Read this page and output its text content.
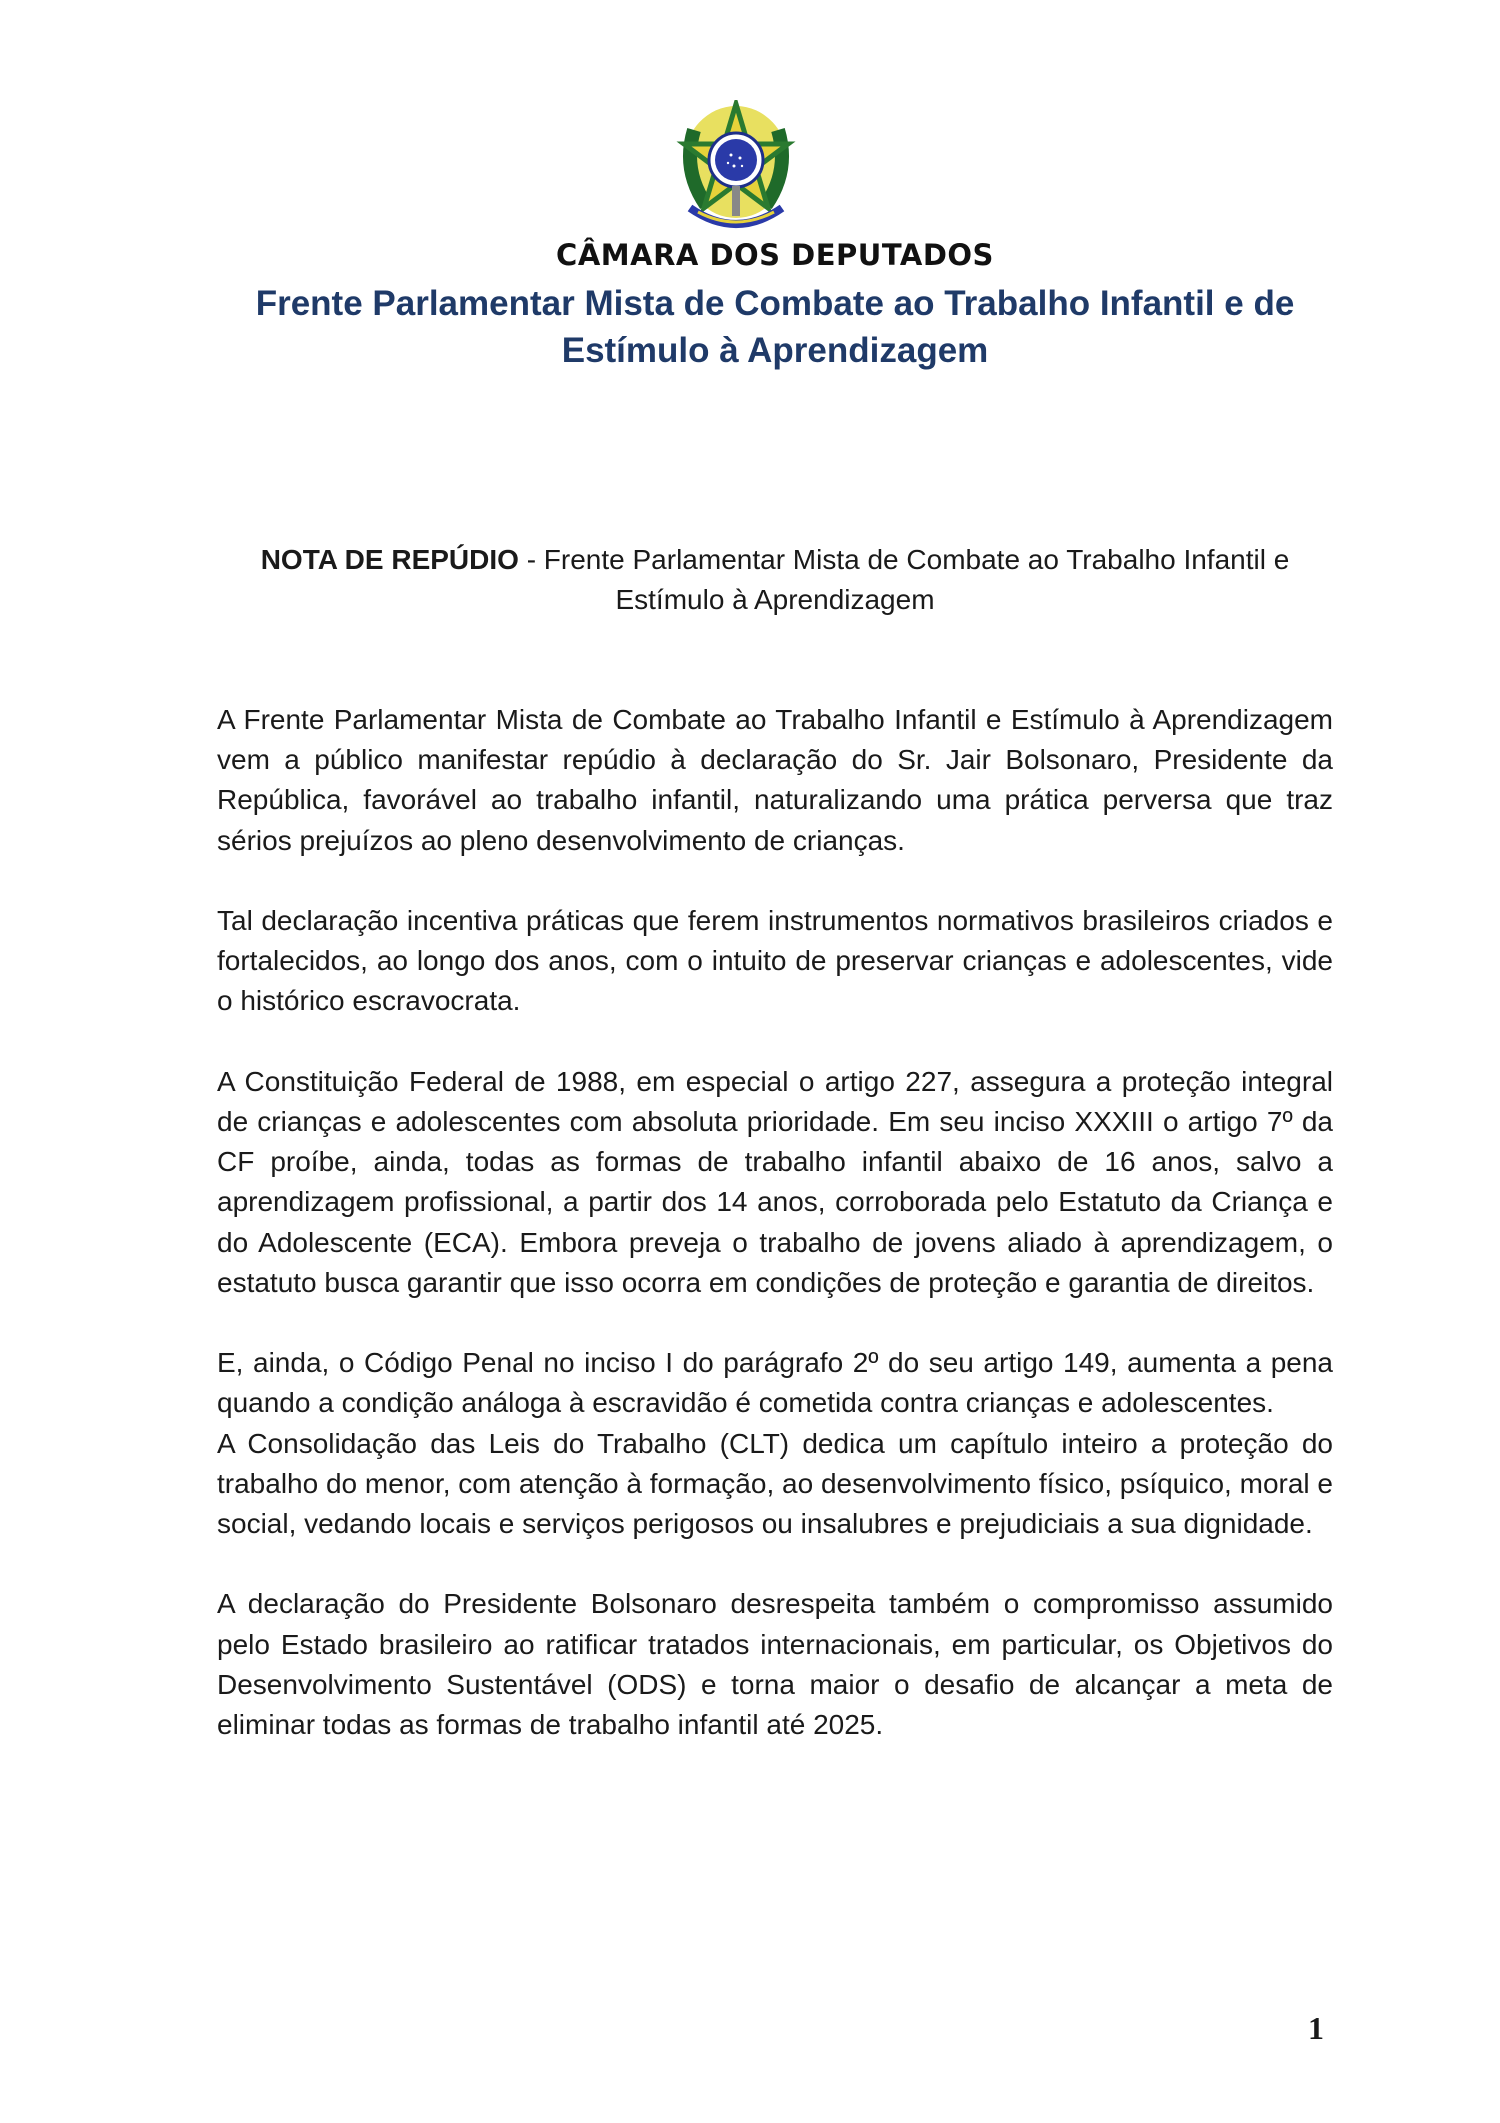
CÂMARA DOS DEPUTADOS
Frente Parlamentar Mista de Combate ao Trabalho Infantil e de Estímulo à Aprendizagem
NOTA DE REPÚDIO - Frente Parlamentar Mista de Combate ao Trabalho Infantil e Estímulo à Aprendizagem

A Frente Parlamentar Mista de Combate ao Trabalho Infantil e Estímulo à Aprendizagem vem a público manifestar repúdio à declaração do Sr. Jair Bolsonaro, Presidente da República, favorável ao trabalho infantil, naturalizando uma prática perversa que traz sérios prejuízos ao pleno desenvolvimento de crianças.

Tal declaração incentiva práticas que ferem instrumentos normativos brasileiros criados e fortalecidos, ao longo dos anos, com o intuito de preservar crianças e adolescentes, vide o histórico escravocrata.

A Constituição Federal de 1988, em especial o artigo 227, assegura a proteção integral de crianças e adolescentes com absoluta prioridade. Em seu inciso XXXIII o artigo 7º da CF proíbe, ainda, todas as formas de trabalho infantil abaixo de 16 anos, salvo a aprendizagem profissional, a partir dos 14 anos, corroborada pelo Estatuto da Criança e do Adolescente (ECA). Embora preveja o trabalho de jovens aliado à aprendizagem, o estatuto busca garantir que isso ocorra em condições de proteção e garantia de direitos.

E, ainda, o Código Penal no inciso I do parágrafo 2º do seu artigo 149, aumenta a pena quando a condição análoga à escravidão é cometida contra crianças e adolescentes.

A Consolidação das Leis do Trabalho (CLT) dedica um capítulo inteiro a proteção do trabalho do menor, com atenção à formação, ao desenvolvimento físico, psíquico, moral e social, vedando locais e serviços perigosos ou insalubres e prejudiciais a sua dignidade.

A declaração do Presidente Bolsonaro desrespeita também o compromisso assumido pelo Estado brasileiro ao ratificar tratados internacionais, em particular, os Objetivos do Desenvolvimento Sustentável (ODS) e torna maior o desafio de alcançar a meta de eliminar todas as formas de trabalho infantil até 2025.

1
